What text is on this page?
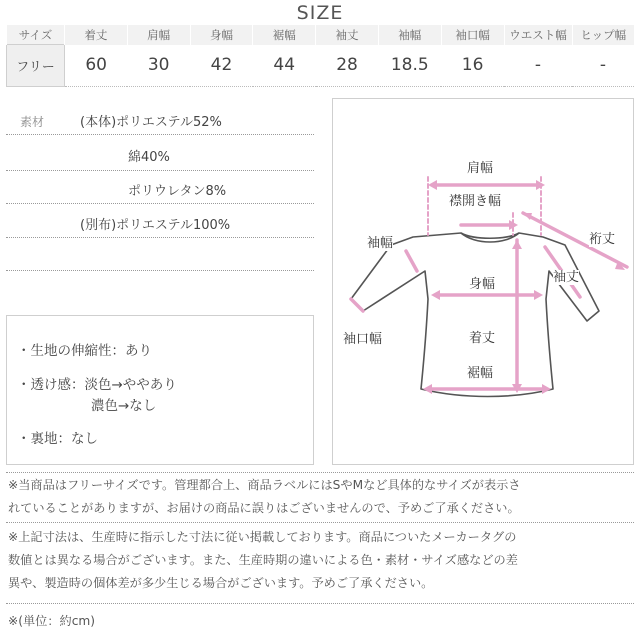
SIZE
サイズ	着丈	肩幅	身幅	裾幅	袖丈	袖幅	袖口幅	ウエスト幅	ヒップ幅
フリー	60	30	42	44	28	18.5	16	-	-
素材	(本体)ポリエステル52%
綿40%
ポリウレタン8%
(別布)ポリエステル100%
・生地の伸縮性：あり
・透け感：淡色→ややあり
濃色→なし
・裏地：なし
肩幅
襟開き幅
裄丈
袖幅
袖丈
身幅
袖口幅	着丈
裾幅
※当商品はフリーサイズです。管理都合上、商品ラベルにはSやMなど具体的なサイズが表示さ
れていることがありますが、お届けの商品に誤りはございませんので、予めご了承ください。
※上記寸法は、生産時に指示した寸法に従い掲載しております。商品についたメーカータグの
数値とは異なる場合がございます。また、生産時期の違いによる色・素材・サイズ感などの差
異や、製造時の個体差が多少生じる場合がございます。予めご了承ください。
※(単位：約cm)
